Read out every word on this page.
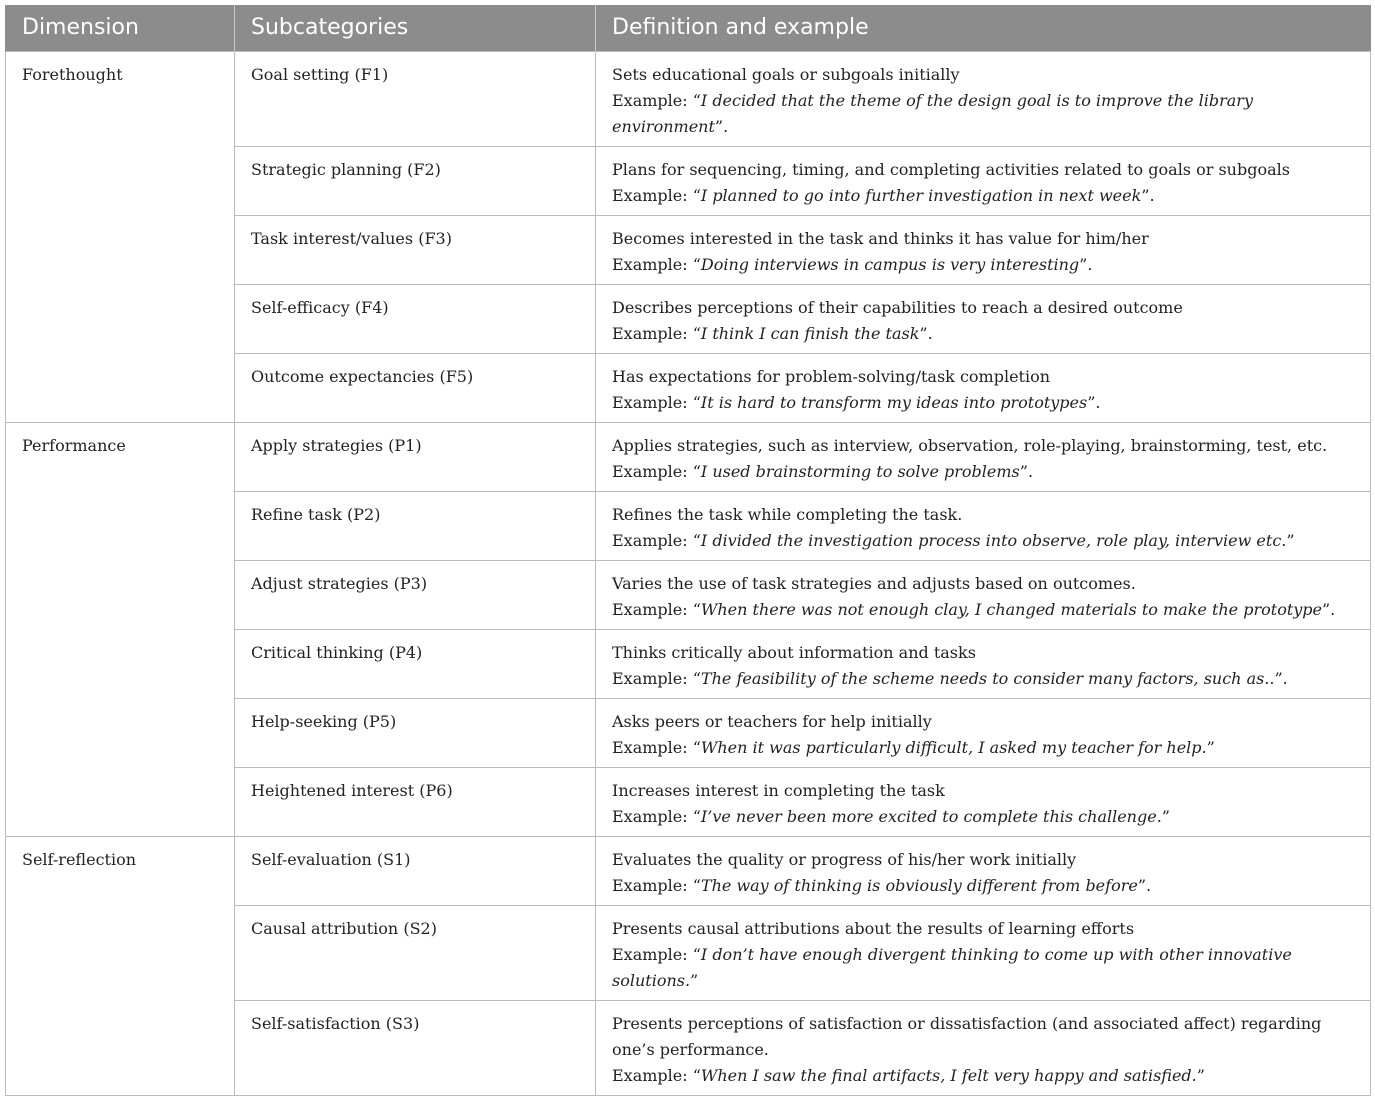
Dimension	Subcategories	Definition and example
Forethought	Goal setting (F1)	Sets educational goals or subgoals initially
Example: “I decided that the theme of the design goal is to improve the library environment”.

	Strategic planning (F2)	Plans for sequencing, timing, and completing activities related to goals or subgoals
Example: “I planned to go into further investigation in next week”.

	Task interest/values (F3)	Becomes interested in the task and thinks it has value for him/her
Example: “Doing interviews in campus is very interesting”.

	Self-efficacy (F4)	Describes perceptions of their capabilities to reach a desired outcome
Example: “I think I can finish the task”.

	Outcome expectancies (F5)	Has expectations for problem-solving/task completion
Example: “It is hard to transform my ideas into prototypes”.

Performance	Apply strategies (P1)	Applies strategies, such as interview, observation, role-playing, brainstorming, test, etc.
Example: “I used brainstorming to solve problems”.

	Refine task (P2)	Refines the task while completing the task.
Example: “I divided the investigation process into observe, role play, interview etc.”

	Adjust strategies (P3)	Varies the use of task strategies and adjusts based on outcomes.
Example: “When there was not enough clay, I changed materials to make the prototype”.

	Critical thinking (P4)	Thinks critically about information and tasks
Example: “The feasibility of the scheme needs to consider many factors, such as..”.

	Help-seeking (P5)	Asks peers or teachers for help initially
Example: “When it was particularly difficult, I asked my teacher for help.”

	Heightened interest (P6)	Increases interest in completing the task
Example: “I’ve never been more excited to complete this challenge.”

Self-reflection	Self-evaluation (S1)	Evaluates the quality or progress of his/her work initially
Example: “The way of thinking is obviously different from before”.

	Causal attribution (S2)	Presents causal attributions about the results of learning efforts
Example: “I don’t have enough divergent thinking to come up with other innovative solutions.”

	Self-satisfaction (S3)	Presents perceptions of satisfaction or dissatisfaction (and associated affect) regarding one’s performance.
Example: “When I saw the final artifacts, I felt very happy and satisfied.”
